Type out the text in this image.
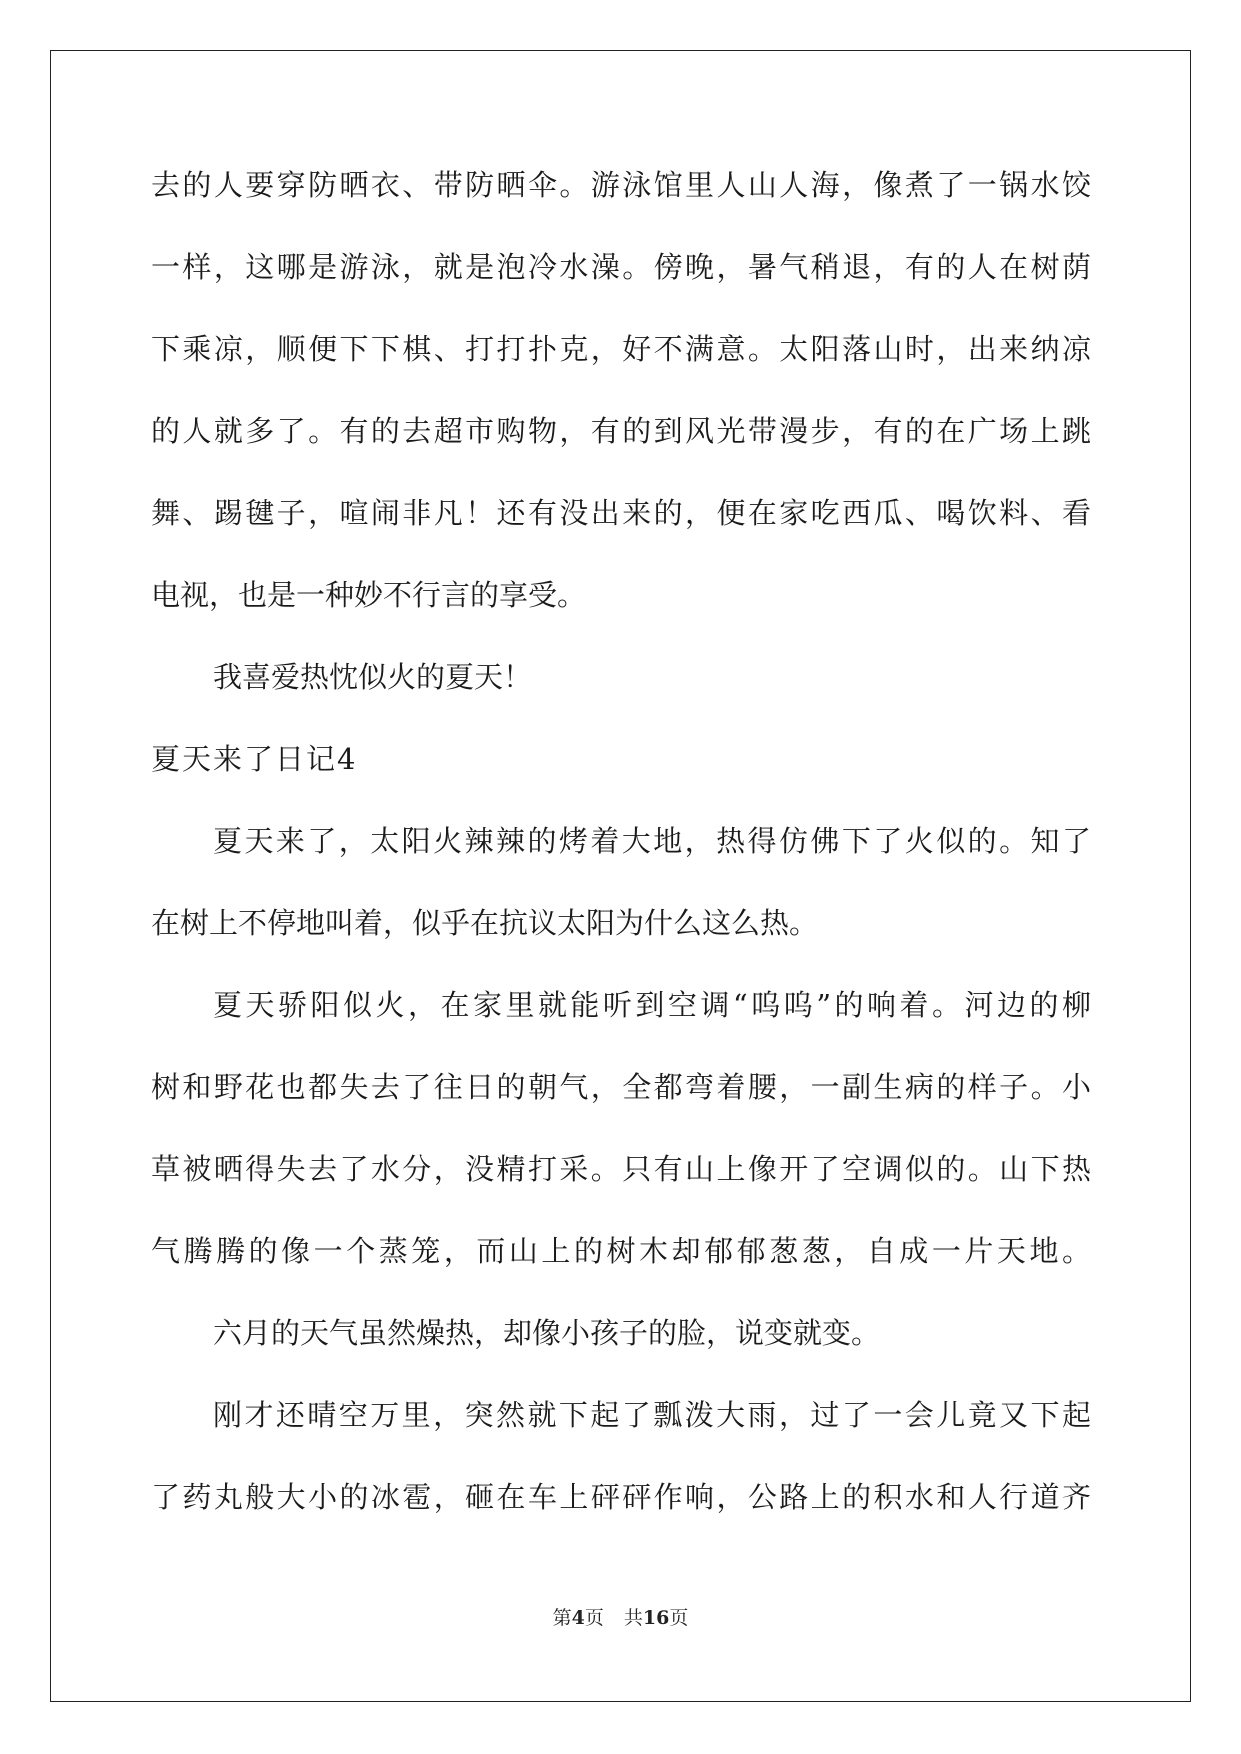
去的人要穿防晒衣、带防晒伞。游泳馆里人山人海，像煮了一锅水饺
一样，这哪是游泳，就是泡冷水澡。傍晚，暑气稍退，有的人在树荫
下乘凉，顺便下下棋、打打扑克，好不满意。太阳落山时，出来纳凉
的人就多了。有的去超市购物，有的到风光带漫步，有的在广场上跳
舞、踢毽子，喧闹非凡！还有没出来的，便在家吃西瓜、喝饮料、看
电视，也是一种妙不行言的享受。
我喜爱热忱似火的夏天！
夏天来了日记4
夏天来了，太阳火辣辣的烤着大地，热得仿佛下了火似的。知了
在树上不停地叫着，似乎在抗议太阳为什么这么热。
夏天骄阳似火，在家里就能听到空调“呜呜”的响着。河边的柳
树和野花也都失去了往日的朝气，全都弯着腰，一副生病的样子。小
草被晒得失去了水分，没精打采。只有山上像开了空调似的。山下热
气腾腾的像一个蒸笼，而山上的树木却郁郁葱葱，自成一片天地。
六月的天气虽然燥热，却像小孩子的脸，说变就变。
刚才还晴空万里，突然就下起了瓢泼大雨，过了一会儿竟又下起
了药丸般大小的冰雹，砸在车上砰砰作响，公路上的积水和人行道齐
第4页 共16页
